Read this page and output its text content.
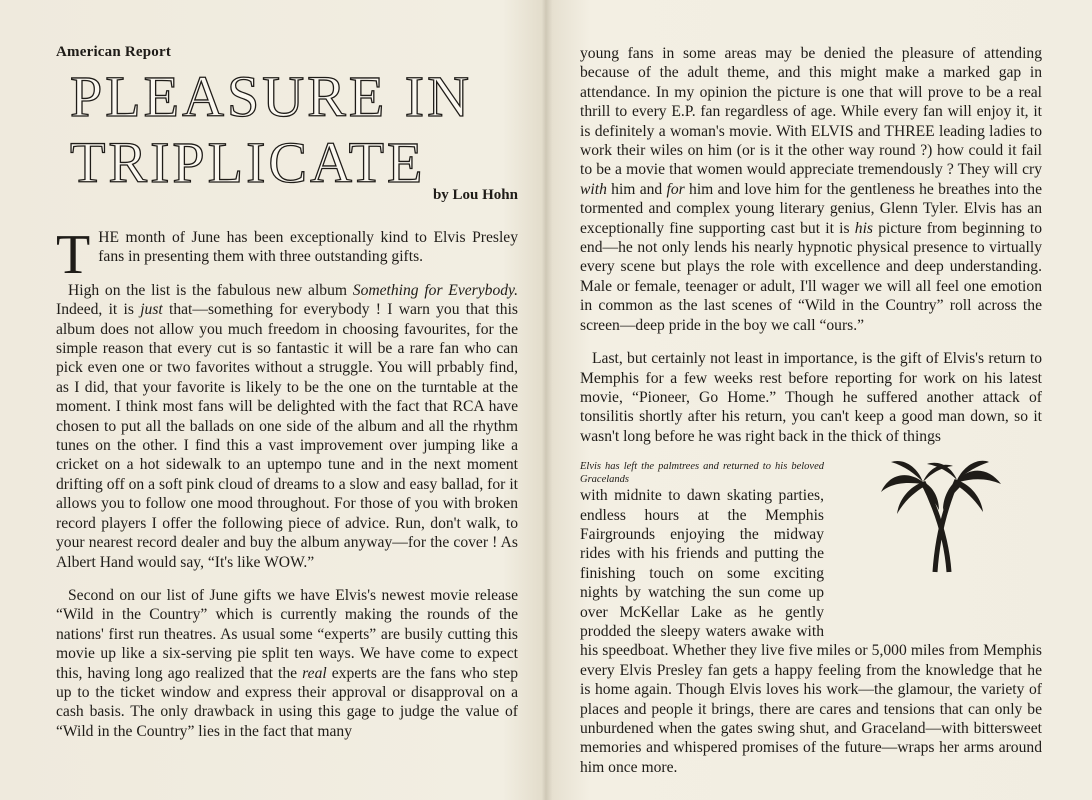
American Report
PLEASURE IN
TRIPLICATE by Lou Hohn

THE month of June has been exceptionally kind to Elvis Presley fans in presenting them with three outstanding gifts.

High on the list is the fabulous new album Something for Everybody. Indeed, it is just that—something for everybody ! I warn you that this album does not allow you much freedom in choosing favourites, for the simple reason that every cut is so fantastic it will be a rare fan who can pick even one or two favorites without a struggle. You will prbably find, as I did, that your favorite is likely to be the one on the turntable at the moment. I think most fans will be delighted with the fact that RCA have chosen to put all the ballads on one side of the album and all the rhythm tunes on the other. I find this a vast improvement over jumping like a cricket on a hot sidewalk to an uptempo tune and in the next moment drifting off on a soft pink cloud of dreams to a slow and easy ballad, for it allows you to follow one mood throughout. For those of you with broken record players I offer the following piece of advice. Run, don't walk, to your nearest record dealer and buy the album anyway—for the cover ! As Albert Hand would say, “It's like WOW.”

Second on our list of June gifts we have Elvis's newest movie release “Wild in the Country” which is currently making the rounds of the nations' first run theatres. As usual some “experts” are busily cutting this movie up like a six-serving pie split ten ways. We have come to expect this, having long ago realized that the real experts are the fans who step up to the ticket window and express their approval or disapproval on a cash basis. The only drawback in using this gage to judge the value of “Wild in the Country” lies in the fact that many

young fans in some areas may be denied the pleasure of attending because of the adult theme, and this might make a marked gap in attendance. In my opinion the picture is one that will prove to be a real thrill to every E.P. fan regardless of age. While every fan will enjoy it, it is definitely a woman's movie. With ELVIS and THREE leading ladies to work their wiles on him (or is it the other way round ?) how could it fail to be a movie that women would appreciate tremendously ? They will cry with him and for him and love him for the gentleness he breathes into the tormented and complex young literary genius, Glenn Tyler. Elvis has an exceptionally fine supporting cast but it is his picture from beginning to end—he not only lends his nearly hypnotic physical presence to virtually every scene but plays the role with excellence and deep understanding. Male or female, teenager or adult, I'll wager we will all feel one emotion in common as the last scenes of “Wild in the Country” roll across the screen—deep pride in the boy we call “ours.”

Last, but certainly not least in importance, is the gift of Elvis's return to Memphis for a few weeks rest before reporting for work on his latest movie, “Pioneer, Go Home.” Though he suffered another attack of tonsilitis shortly after his return, you can't keep a good man down, so it wasn't long before he was right back in the thick of things

Elvis has left the palmtrees and returned to his beloved Gracelands
with midnite to dawn skating parties, endless hours at the Memphis Fairgrounds enjoying the midway rides with his friends and putting the finishing touch on some exciting nights by watching the sun come up over McKellar Lake as he gently prodded the sleepy waters awake with his speedboat. Whether they live five miles or 5,000 miles from Memphis every Elvis Presley fan gets a happy feeling from the knowledge that he is home again. Though Elvis loves his work—the glamour, the variety of places and people it brings, there are cares and tensions that can only be unburdened when the gates swing shut, and Graceland—with bittersweet memories and whispered promises of the future—wraps her arms around him once more.
